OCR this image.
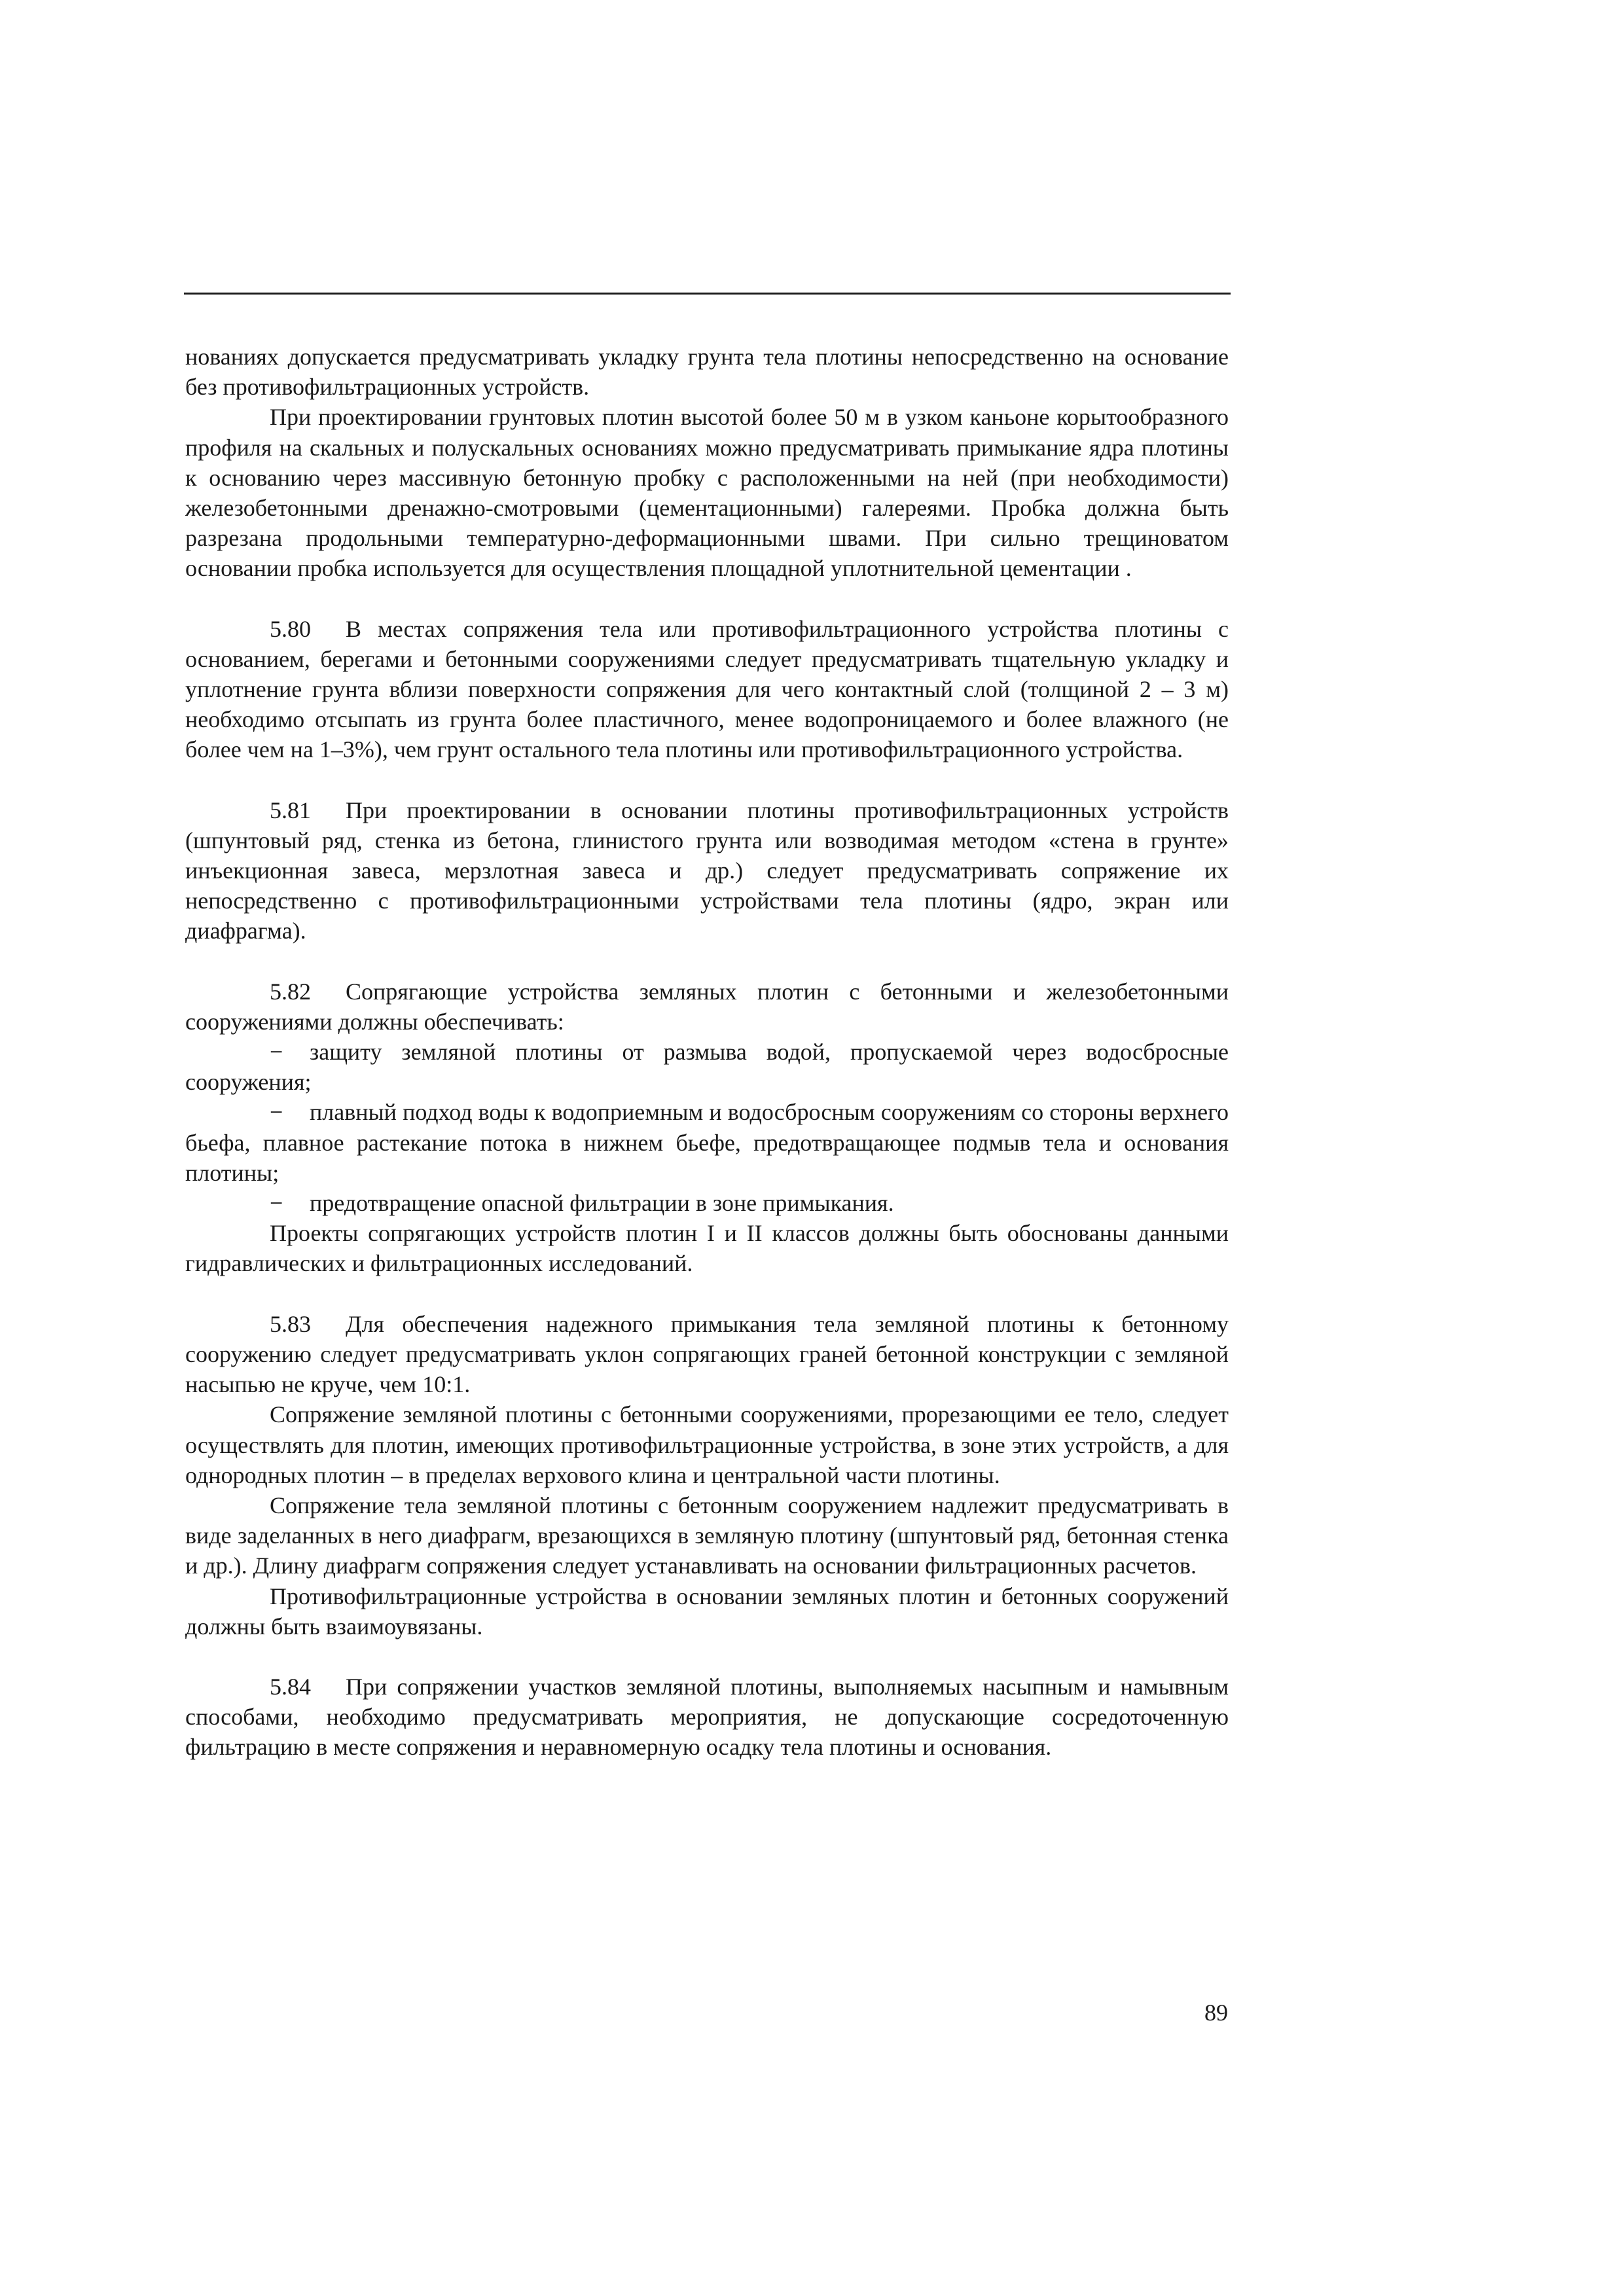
нованиях допускается предусматривать укладку грунта тела плотины непосредственно на основание без противофильтрационных устройств.

При проектировании грунтовых плотин высотой более 50 м в узком каньоне корытообразного профиля на скальных и полускальных основаниях можно предусматривать примыкание ядра плотины к основанию через массивную бетонную пробку с расположенными на ней (при необходимости) железобетонными дренажно-смотровыми (цементационными) галереями. Пробка должна быть разрезана продольными температурно-деформационными швами. При сильно трещиноватом основании пробка используется для осуществления площадной уплотнительной цементации .

5.80 В местах сопряжения тела или противофильтрационного устройства плотины с основанием, берегами и бетонными сооружениями следует предусматривать тщательную укладку и уплотнение грунта вблизи поверхности сопряжения для чего контактный слой (толщиной 2 – 3 м) необходимо отсыпать из грунта более пластичного, менее водопроницаемого и более влажного (не более чем на 1–3%), чем грунт остального тела плотины или противофильтрационного устройства.

5.81 При проектировании в основании плотины противофильтрационных устройств (шпунтовый ряд, стенка из бетона, глинистого грунта или возводимая методом «стена в грунте» инъекционная завеса, мерзлотная завеса и др.) следует предусматривать сопряжение их непосредственно с противофильтрационными устройствами тела плотины (ядро, экран или диафрагма).

5.82 Сопрягающие устройства земляных плотин с бетонными и железобетонными сооружениями должны обеспечивать:

− защиту земляной плотины от размыва водой, пропускаемой через водосбросные сооружения;

− плавный подход воды к водоприемным и водосбросным сооружениям со стороны верхнего бьефа, плавное растекание потока в нижнем бьефе, предотвращающее подмыв тела и основания плотины;

− предотвращение опасной фильтрации в зоне примыкания.

Проекты сопрягающих устройств плотин I и II классов должны быть обоснованы данными гидравлических и фильтрационных исследований.

5.83 Для обеспечения надежного примыкания тела земляной плотины к бетонному сооружению следует предусматривать уклон сопрягающих граней бетонной конструкции с земляной насыпью не круче, чем 10:1.

Сопряжение земляной плотины с бетонными сооружениями, прорезающими ее тело, следует осуществлять для плотин, имеющих противофильтрационные устройства, в зоне этих устройств, а для однородных плотин – в пределах верхового клина и центральной части плотины.

Сопряжение тела земляной плотины с бетонным сооружением надлежит предусматривать в виде заделанных в него диафрагм, врезающихся в земляную плотину (шпунтовый ряд, бетонная стенка и др.). Длину диафрагм сопряжения следует устанавливать на основании фильтрационных расчетов.

Противофильтрационные устройства в основании земляных плотин и бетонных сооружений должны быть взаимоувязаны.

5.84 При сопряжении участков земляной плотины, выполняемых насыпным и намывным способами, необходимо предусматривать мероприятия, не допускающие сосредоточенную фильтрацию в месте сопряжения и неравномерную осадку тела плотины и основания.

89
